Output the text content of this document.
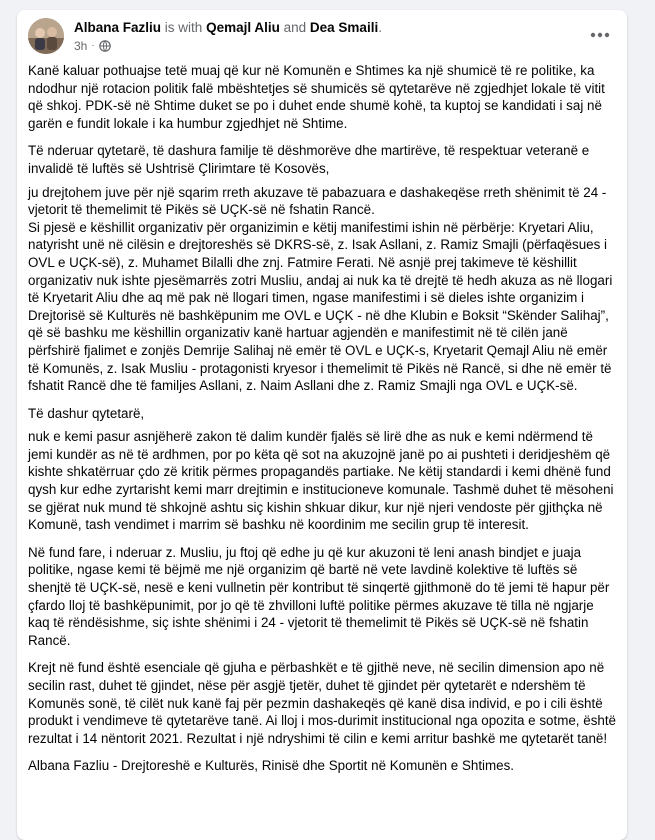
Albana Fazliu is with Qemajl Aliu and Dea Smaili.
3h ·

Kanë kaluar pothuajse tetë muaj që kur në Komunën e Shtimes ka një shumicë të re politike, ka ndodhur një rotacion politik falë mbështetjes së shumicës së qytetarëve në zgjedhjet lokale të vitit që shkoj. PDK-së në Shtime duket se po i duhet ende shumë kohë, ta kuptoj se kandidati i saj në garën e fundit lokale i ka humbur zgjedhjet në Shtime.

Të nderuar qytetarë, të dashura familje të dëshmorëve dhe martirëve, të respektuar veteranë e invalidë të luftës së Ushtrisë Çlirimtare të Kosovës,

ju drejtohem juve për një sqarim rreth akuzave të pabazuara e dashakeqëse rreth shënimit të 24 - vjetorit të themelimit të Pikës së UÇK-së në fshatin Rancë.
Si pjesë e këshillit organizativ për organizimin e këtij manifestimi ishin në përbërje: Kryetari Aliu, natyrisht unë në cilësin e drejtoreshës së DKRS-së, z. Isak Asllani, z. Ramiz Smajli (përfaqësues i OVL e UÇK-së), z. Muhamet Bilalli dhe znj. Fatmire Ferati. Në asnjë prej takimeve të këshillit organizativ nuk ishte pjesëmarrës zotri Musliu, andaj ai nuk ka të drejtë të hedh akuza as në llogari të Kryetarit Aliu dhe aq më pak në llogari timen, ngase manifestimi i së dieles ishte organizim i Drejtorisë së Kulturës në bashkëpunim me OVL e UÇK - në dhe Klubin e Boksit “Skënder Salihaj”, që së bashku me këshillin organizativ kanë hartuar agjendën e manifestimit në të cilën janë përfshirë fjalimet e zonjës Demrije Salihaj në emër të OVL e UÇK-s, Kryetarit Qemajl Aliu në emër të Komunës, z. Isak Musliu - protagonisti kryesor i themelimit të Pikës në Rancë, si dhe në emër të fshatit Rancë dhe të familjes Asllani, z. Naim Asllani dhe z. Ramiz Smajli nga OVL e UÇK-së.

Të dashur qytetarë,

nuk e kemi pasur asnjëherë zakon të dalim kundër fjalës së lirë dhe as nuk e kemi ndërmend të jemi kundër as në të ardhmen, por po këta që sot na akuzojnë janë po ai pushteti i deridjeshëm që kishte shkatërruar çdo zë kritik përmes propagandës partiake. Ne këtij standardi i kemi dhënë fund qysh kur edhe zyrtarisht kemi marr drejtimin e institucioneve komunale. Tashmë duhet të mësoheni se gjërat nuk mund të shkojnë ashtu siç kishin shkuar dikur, kur një njeri vendoste për gjithçka në Komunë, tash vendimet i marrim së bashku në koordinim me secilin grup të interesit.

Në fund fare, i nderuar z. Musliu, ju ftoj që edhe ju që kur akuzoni të leni anash bindjet e juaja politike, ngase kemi të bëjmë me një organizim që bartë në vete lavdinë kolektive të luftës së shenjtë të UÇK-së, nesë e keni vullnetin për kontribut të sinqertë gjithmonë do të jemi të hapur për çfardo lloj të bashkëpunimit, por jo që të zhvilloni luftë politike përmes akuzave të tilla në ngjarje kaq të rëndësishme, siç ishte shënimi i 24 - vjetorit të themelimit të Pikës së UÇK-së në fshatin Rancë.

Krejt në fund është esenciale që gjuha e përbashkët e të gjithë neve, në secilin dimension apo në secilin rast, duhet të gjindet, nëse për asgjë tjetër, duhet të gjindet për qytetarët e ndershëm të Komunës sonë, të cilët nuk kanë faj për pezmin dashakeqës që kanë disa individ, e po i cili është produkt i vendimeve të qytetarëve tanë. Ai lloj i mos-durimit institucional nga opozita e sotme, është rezultat i 14 nëntorit 2021. Rezultat i një ndryshimi të cilin e kemi arritur bashkë me qytetarët tanë!

Albana Fazliu - Drejtoreshë e Kulturës, Rinisë dhe Sportit në Komunën e Shtimes.
